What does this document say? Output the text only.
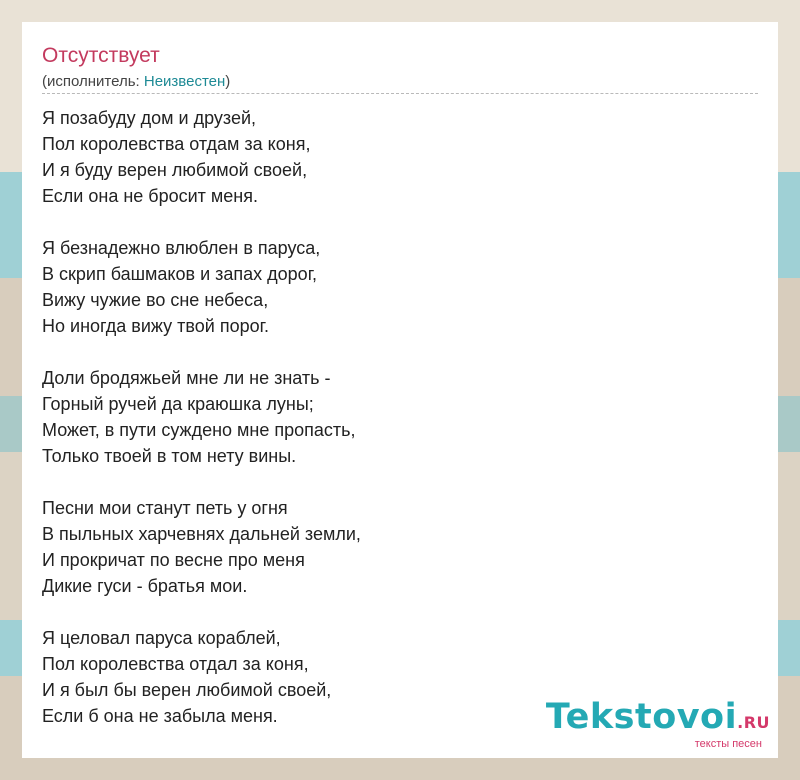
Отсутствует
(исполнитель: Неизвестен)
Я позабуду дом и друзей,
Пол королевства отдам за коня,
И я буду верен любимой своей,
Если она не бросит меня.
Я безнадежно влюблен в паруса,
В скрип башмаков и запах дорог,
Вижу чужие во сне небеса,
Но иногда вижу твой порог.
Доли бродяжьей мне ли не знать -
Горный ручей да краюшка луны;
Может, в пути суждено мне пропасть,
Только твоей в том нету вины.
Песни мои станут петь у огня
В пыльных харчевнях дальней земли,
И прокричат по весне про меня
Дикие гуси - братья мои.
Я целовал паруса кораблей,
Пол королевства отдал за коня,
И я был бы верен любимой своей,
Если б она не забыла меня.	Tekstovoi.RU
тексты песен
